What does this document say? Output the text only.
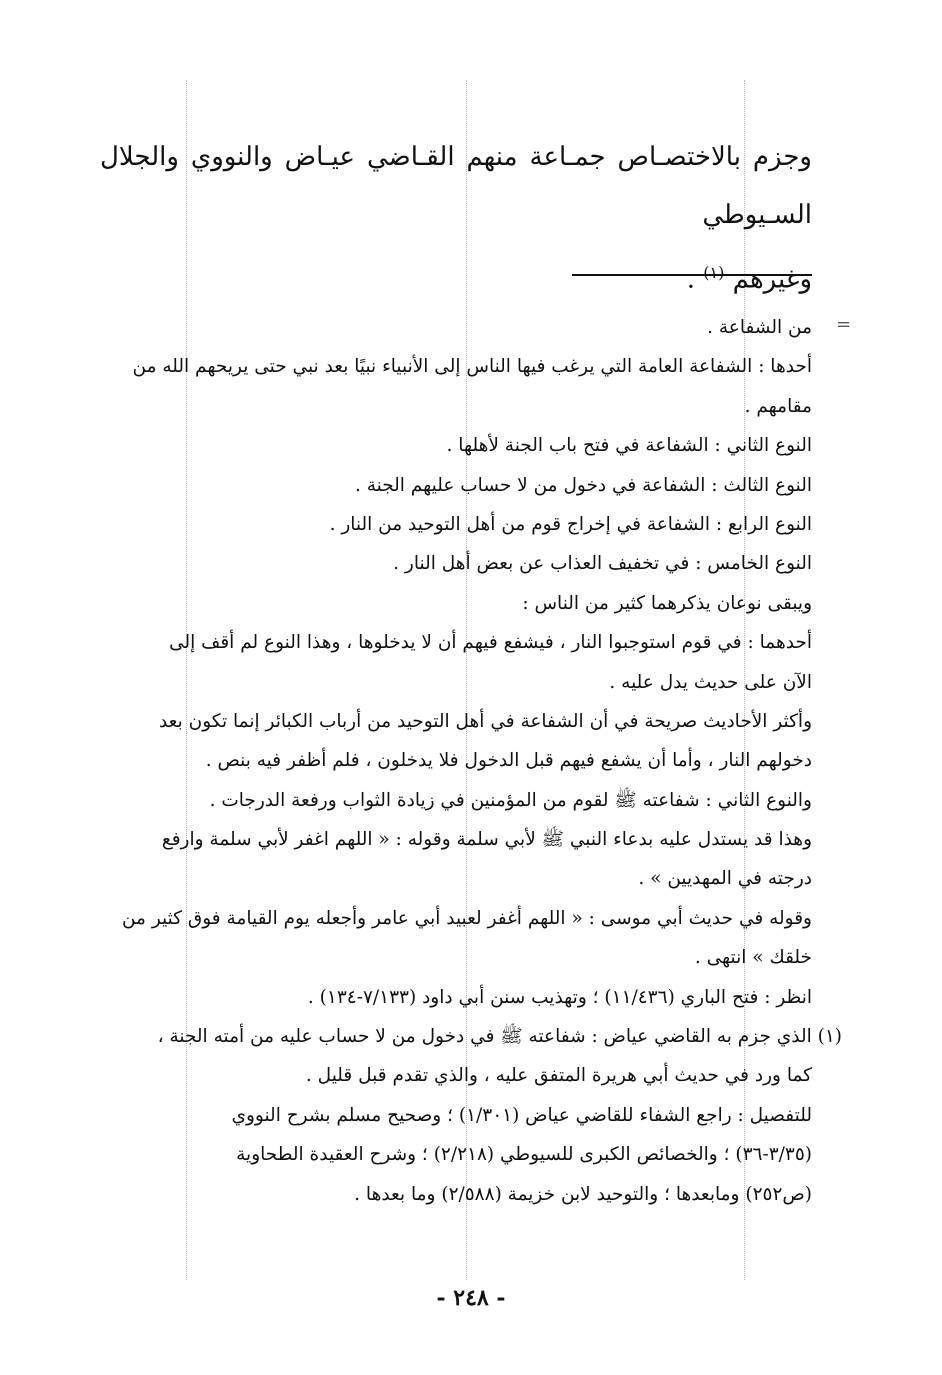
وجزم بالاختصـاص جمـاعة منهم القـاضي عيـاض والنووي والجلال السـيوطي

وغيرهم $^{(١)}$ .

=
من الشفاعة .
أحدها : الشفاعة العامة التي يرغب فيها الناس إلى الأنبياء نبيًا بعد نبي حتى يريحهم الله من
مقامهم .
النوع الثاني : الشفاعة في فتح باب الجنة لأهلها .
النوع الثالث : الشفاعة في دخول من لا حساب عليهم الجنة .
النوع الرابع : الشفاعة في إخراج قوم من أهل التوحيد من النار .
النوع الخامس : في تخفيف العذاب عن بعض أهل النار .
ويبقى نوعان يذكرهما كثير من الناس :
أحدهما : في قوم استوجبوا النار ، فيشفع فيهم أن لا يدخلوها ، وهذا النوع لم أقف إلى
الآن على حديث يدل عليه .
وأكثر الأحاديث صريحة في أن الشفاعة في أهل التوحيد من أرباب الكبائر إنما تكون بعد
دخولهم النار ، وأما أن يشفع فيهم قبل الدخول فلا يدخلون ، فلم أظفر فيه بنص .
والنوع الثاني : شفاعته ﷺ لقوم من المؤمنين في زيادة الثواب ورفعة الدرجات .
وهذا قد يستدل عليه بدعاء النبي ﷺ لأبي سلمة وقوله : « اللهم اغفر لأبي سلمة وارفع
درجته في المهديين » .
وقوله في حديث أبي موسى : « اللهم أغفر لعبيد أبي عامر وأجعله يوم القيامة فوق كثير من
خلقك » انتهى .
انظر : فتح الباري (١١/٤٣٦) ؛ وتهذيب سنن أبي داود (٧/١٣٣-١٣٤) .
(١) الذي جزم به القاضي عياض : شفاعته ﷺ في دخول من لا حساب عليه من أمته الجنة ،
كما ورد في حديث أبي هريرة المتفق عليه ، والذي تقدم قبل قليل .
للتفصيل : راجع الشفاء للقاضي عياض (١/٣٠١) ؛ وصحيح مسلم بشرح النووي
(٣/٣٥-٣٦) ؛ والخصائص الكبرى للسيوطي (٢/٢١٨) ؛ وشرح العقيدة الطحاوية
(ص٢٥٢) ومابعدها ؛ والتوحيد لابن خزيمة (٢/٥٨٨) وما بعدها .
- ٢٤٨ -
